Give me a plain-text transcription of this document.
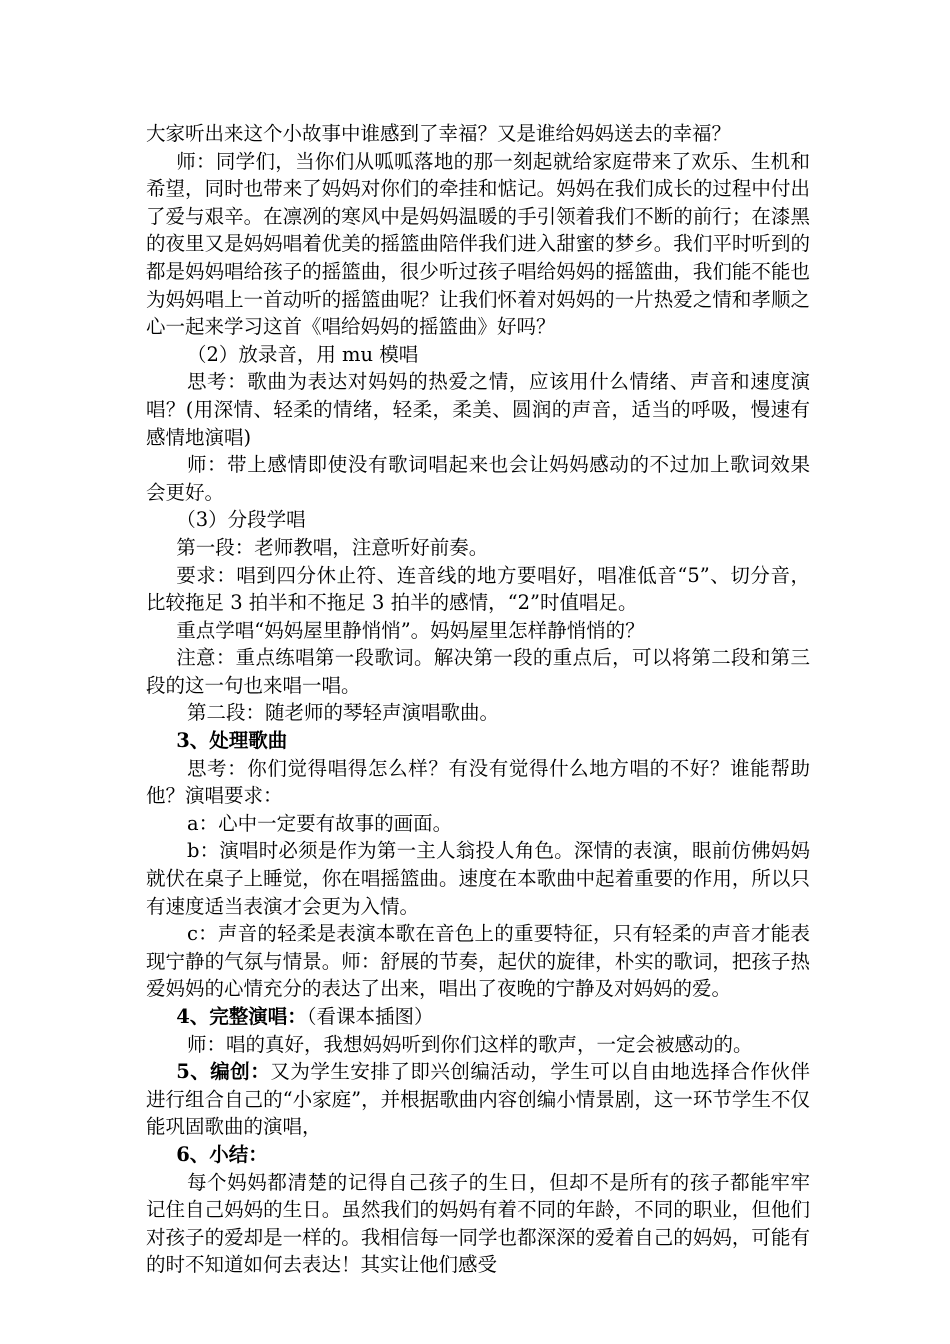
大家听出来这个小故事中谁感到了幸福？又是谁给妈妈送去的幸福？

师：同学们，当你们从呱呱落地的那一刻起就给家庭带来了欢乐、生机和希望，同时也带来了妈妈对你们的牵挂和惦记。妈妈在我们成长的过程中付出了爱与艰辛。在凛冽的寒风中是妈妈温暖的手引领着我们不断的前行；在漆黑的夜里又是妈妈唱着优美的摇篮曲陪伴我们进入甜蜜的梦乡。我们平时听到的都是妈妈唱给孩子的摇篮曲，很少听过孩子唱给妈妈的摇篮曲，我们能不能也为妈妈唱上一首动听的摇篮曲呢？让我们怀着对妈妈的一片热爱之情和孝顺之心一起来学习这首《唱给妈妈的摇篮曲》好吗？

（2）放录音，用 mu 模唱

思考：歌曲为表达对妈妈的热爱之情，应该用什么情绪、声音和速度演唱？(用深情、轻柔的情绪，轻柔，柔美、圆润的声音，适当的呼吸，慢速有感情地演唱)

师：带上感情即使没有歌词唱起来也会让妈妈感动的不过加上歌词效果会更好。

（3）分段学唱

第一段：老师教唱，注意听好前奏。

要求：唱到四分休止符、连音线的地方要唱好，唱准低音“5”、切分音，比较拖足 3 拍半和不拖足 3 拍半的感情，“2”时值唱足。

重点学唱“妈妈屋里静悄悄”。妈妈屋里怎样静悄悄的？

注意：重点练唱第一段歌词。解决第一段的重点后，可以将第二段和第三段的这一句也来唱一唱。

第二段：随老师的琴轻声演唱歌曲。

3、处理歌曲

思考：你们觉得唱得怎么样？有没有觉得什么地方唱的不好？谁能帮助他？演唱要求：

a：心中一定要有故事的画面。

b：演唱时必须是作为第一主人翁投人角色。深情的表演，眼前仿佛妈妈就伏在桌子上睡觉，你在唱摇篮曲。速度在本歌曲中起着重要的作用，所以只有速度适当表演才会更为入情。

c：声音的轻柔是表演本歌在音色上的重要特征，只有轻柔的声音才能表现宁静的气氛与情景。师：舒展的节奏，起伏的旋律，朴实的歌词，把孩子热爱妈妈的心情充分的表达了出来，唱出了夜晚的宁静及对妈妈的爱。

4、完整演唱：（看课本插图）

师：唱的真好，我想妈妈听到你们这样的歌声，一定会被感动的。

5、编创：又为学生安排了即兴创编活动，学生可以自由地选择合作伙伴进行组合自己的“小家庭”，并根据歌曲内容创编小情景剧，这一环节学生不仅能巩固歌曲的演唱，

6、小结：

每个妈妈都清楚的记得自己孩子的生日，但却不是所有的孩子都能牢牢记住自己妈妈的生日。虽然我们的妈妈有着不同的年龄，不同的职业，但他们对孩子的爱却是一样的。我相信每一同学也都深深的爱着自己的妈妈，可能有的时不知道如何去表达！其实让他们感受
